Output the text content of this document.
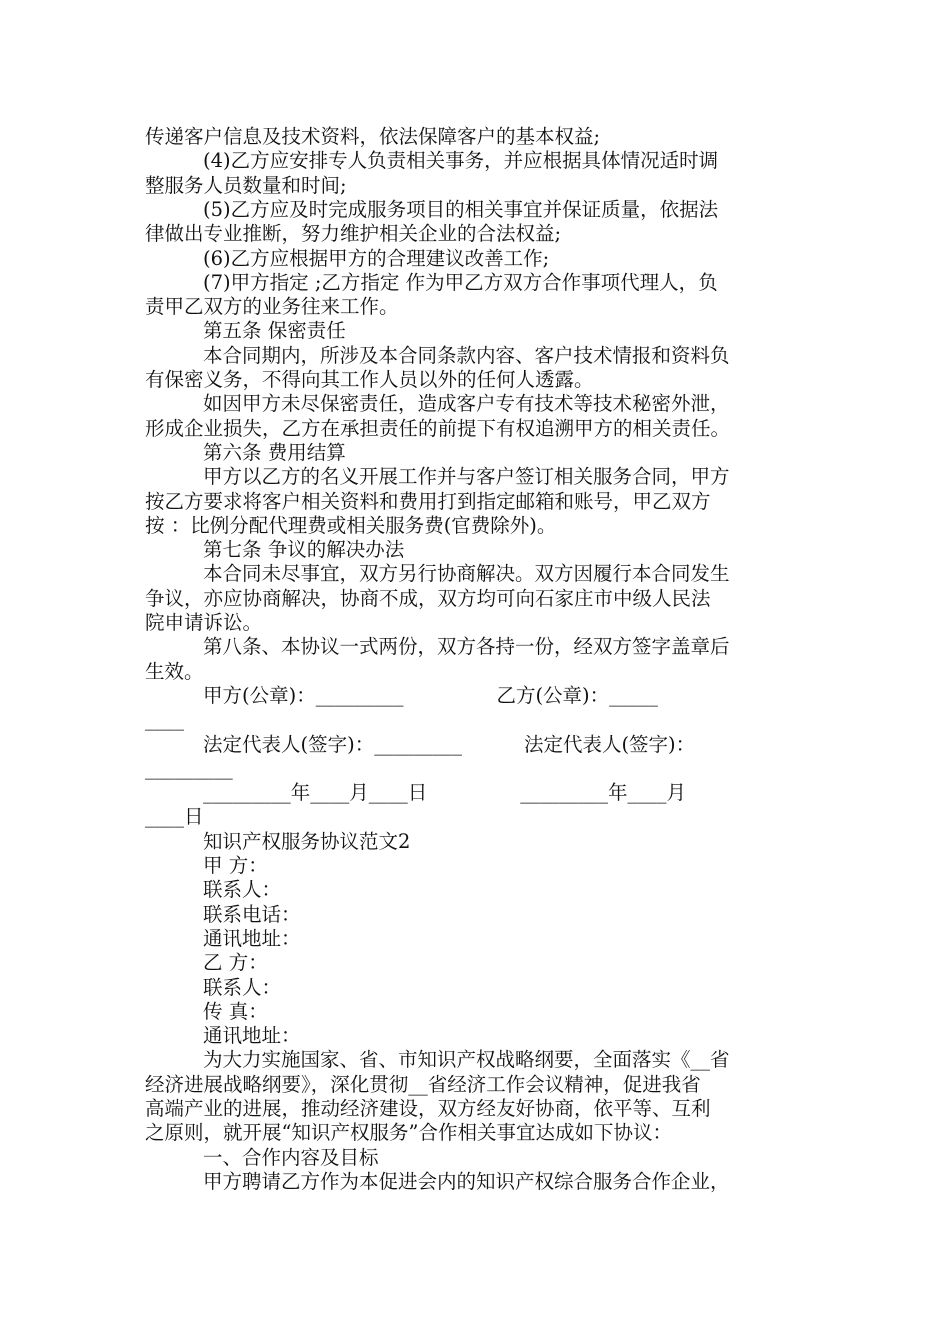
传递客户信息及技术资料，依法保障客户的基本权益;
(4)乙方应安排专人负责相关事务，并应根据具体情况适时调
整服务人员数量和时间;
(5)乙方应及时完成服务项目的相关事宜并保证质量，依据法
律做出专业推断，努力维护相关企业的合法权益;
(6)乙方应根据甲方的合理建议改善工作;
(7)甲方指定 ;乙方指定 作为甲乙方双方合作事项代理人，负
责甲乙双方的业务往来工作。
第五条 保密责任
本合同期内，所涉及本合同条款内容、客户技术情报和资料负
有保密义务，不得向其工作人员以外的任何人透露。
如因甲方未尽保密责任，造成客户专有技术等技术秘密外泄，
形成企业损失，乙方在承担责任的前提下有权追溯甲方的相关责任。
第六条 费用结算
甲方以乙方的名义开展工作并与客户签订相关服务合同，甲方
按乙方要求将客户相关资料和费用打到指定邮箱和账号，甲乙双方
按 ：比例分配代理费或相关服务费(官费除外)。
第七条 争议的解决办法
本合同未尽事宜，双方另行协商解决。双方因履行本合同发生
争议，亦应协商解决，协商不成，双方均可向石家庄市中级人民法
院申请诉讼。
第八条、本协议一式两份，双方各持一份，经双方签字盖章后
生效。
甲方(公章)：_________               乙方(公章)：_____
____
法定代表人(签字)：_________          法定代表人(签字)：
_________
_________年____月____日               _________年____月
____日
知识产权服务协议范文2
甲 方：
联系人：
联系电话：
通讯地址：
乙 方：
联系人：
传 真：
通讯地址：
为大力实施国家、省、市知识产权战略纲要，全面落实《__省
经济进展战略纲要》，深化贯彻__省经济工作会议精神，促进我省
高端产业的进展，推动经济建设，双方经友好协商，依平等、互利
之原则，就开展“知识产权服务”合作相关事宜达成如下协议：
一、合作内容及目标
甲方聘请乙方作为本促进会内的知识产权综合服务合作企业，
